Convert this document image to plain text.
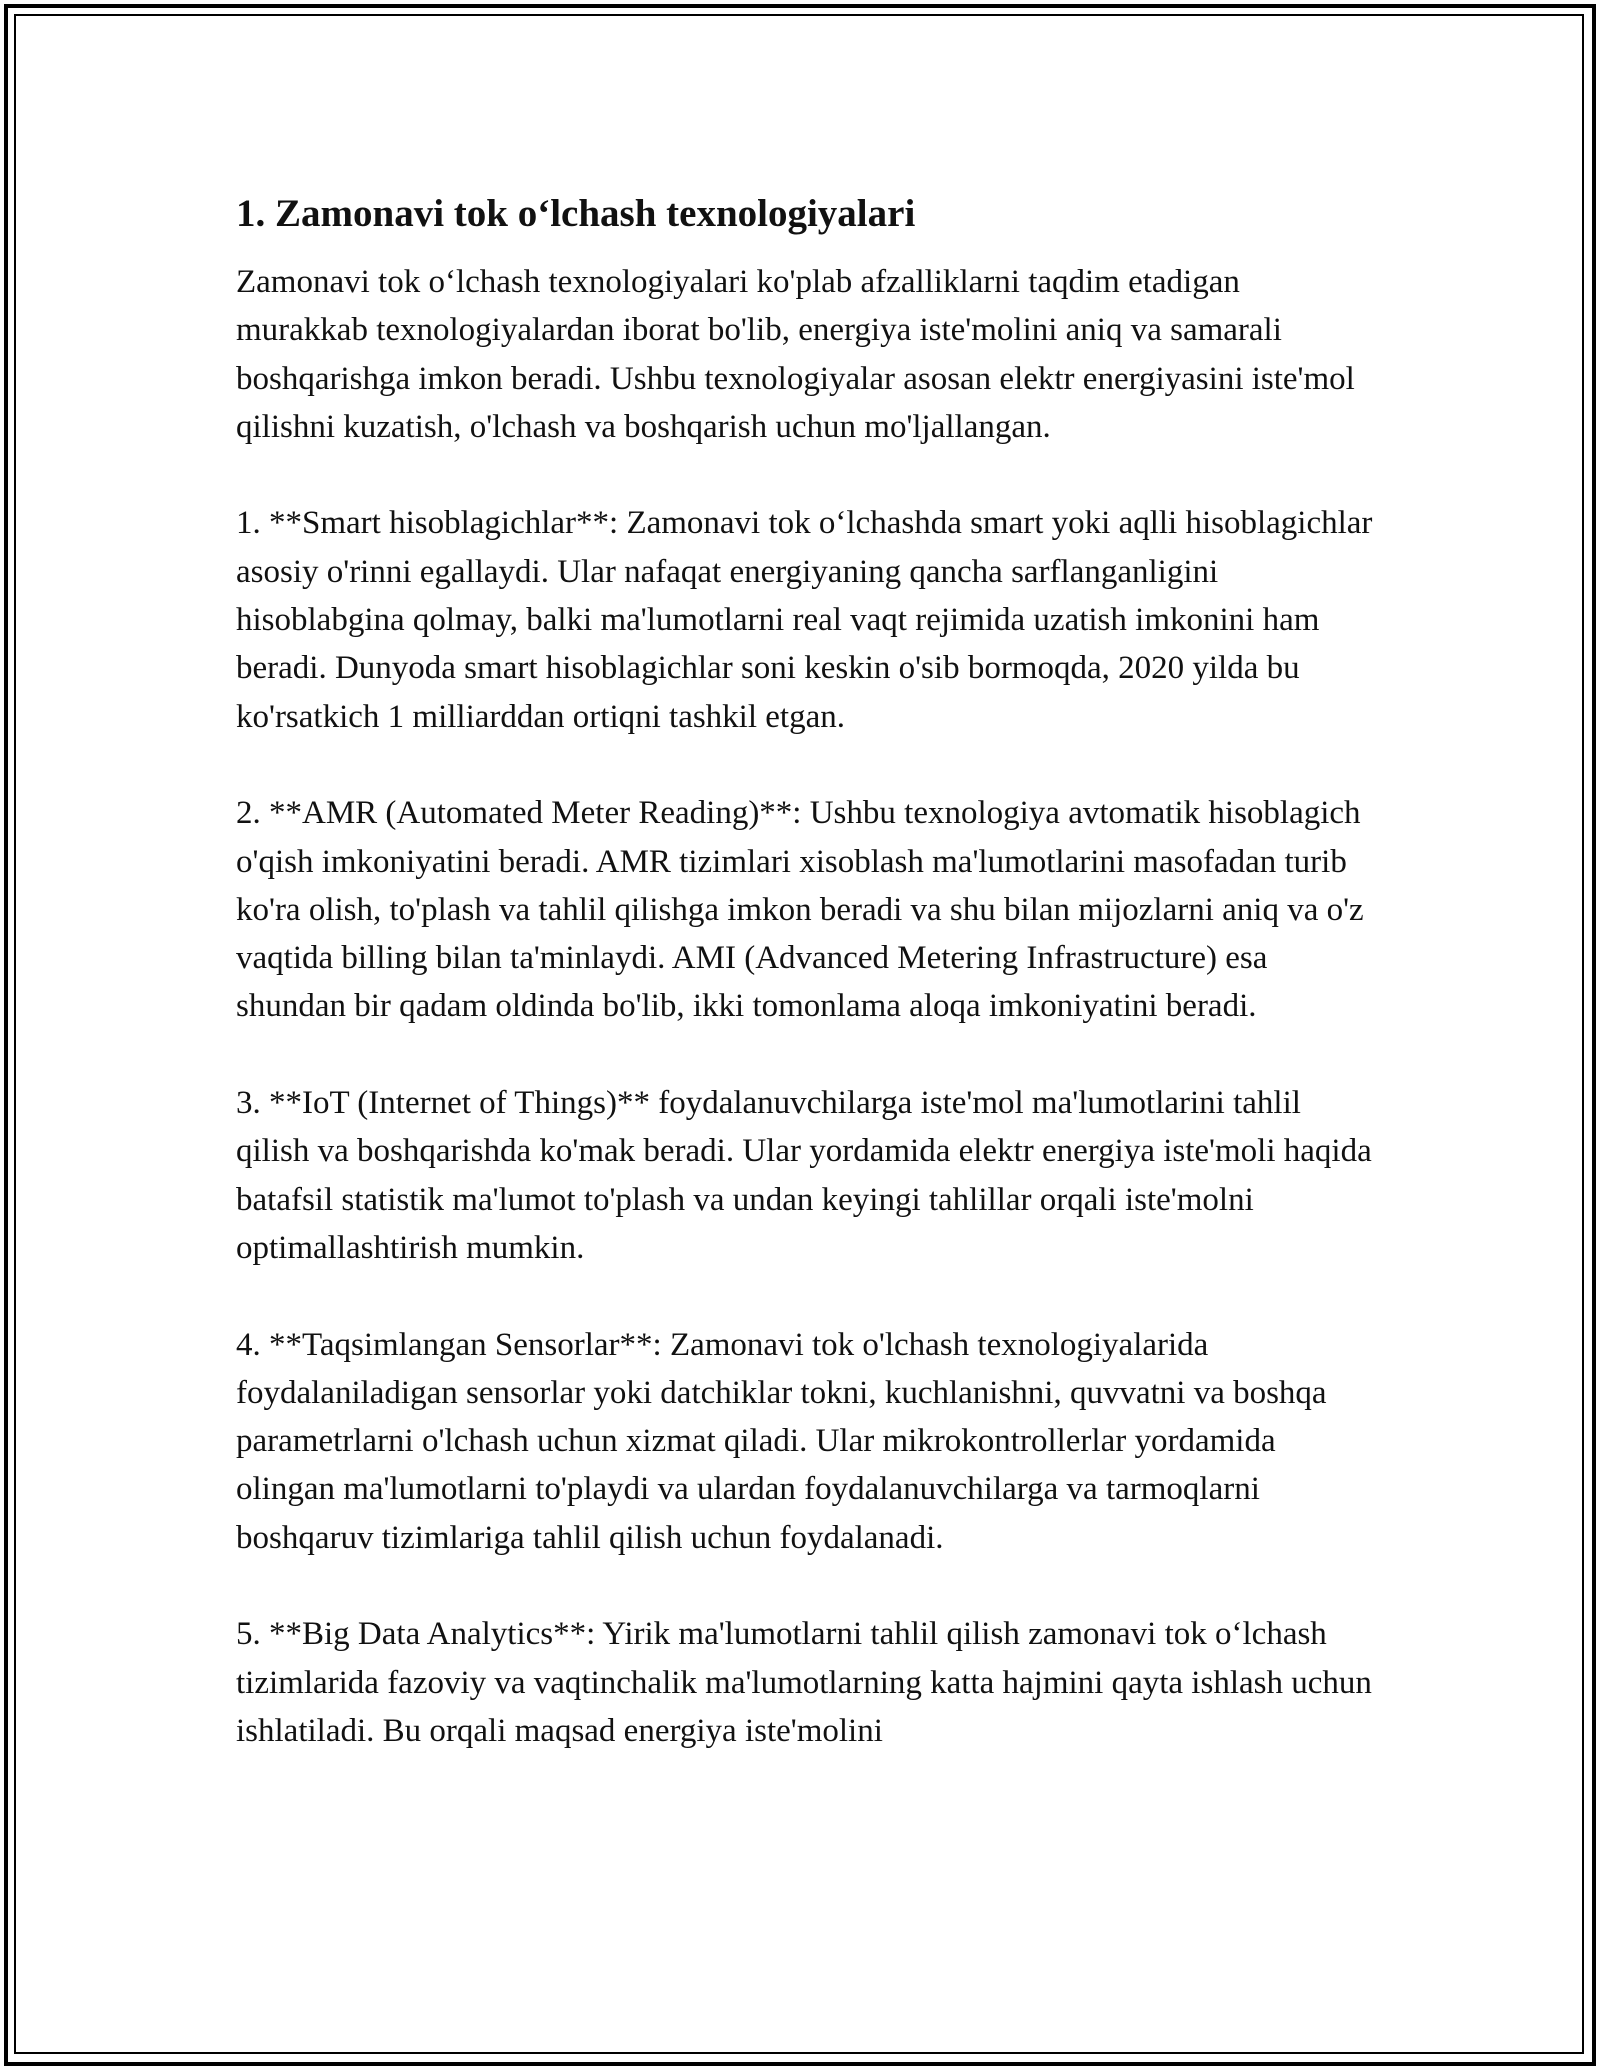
1. Zamonavi tok o‘lchash texnologiyalari

Zamonavi tok o‘lchash texnologiyalari ko'plab afzalliklarni taqdim etadigan murakkab texnologiyalardan iborat bo'lib, energiya iste'molini aniq va samarali boshqarishga imkon beradi. Ushbu texnologiyalar asosan elektr energiyasini iste'mol qilishni kuzatish, o'lchash va boshqarish uchun mo'ljallangan.

1. **Smart hisoblagichlar**: Zamonavi tok o‘lchashda smart yoki aqlli hisoblagichlar asosiy o'rinni egallaydi. Ular nafaqat energiyaning qancha sarflanganligini hisoblabgina qolmay, balki ma'lumotlarni real vaqt rejimida uzatish imkonini ham beradi. Dunyoda smart hisoblagichlar soni keskin o'sib bormoqda, 2020 yilda bu ko'rsatkich 1 milliarddan ortiqni tashkil etgan.

2. **AMR (Automated Meter Reading)**: Ushbu texnologiya avtomatik hisoblagich o'qish imkoniyatini beradi. AMR tizimlari xisoblash ma'lumotlarini masofadan turib ko'ra olish, to'plash va tahlil qilishga imkon beradi va shu bilan mijozlarni aniq va o'z vaqtida billing bilan ta'minlaydi. AMI (Advanced Metering Infrastructure) esa shundan bir qadam oldinda bo'lib, ikki tomonlama aloqa imkoniyatini beradi.

3. **IoT (Internet of Things)** foydalanuvchilarga iste'mol ma'lumotlarini tahlil qilish va boshqarishda ko'mak beradi. Ular yordamida elektr energiya iste'moli haqida batafsil statistik ma'lumot to'plash va undan keyingi tahlillar orqali iste'molni optimallashtirish mumkin.

4. **Taqsimlangan Sensorlar**: Zamonavi tok o'lchash texnologiyalarida foydalaniladigan sensorlar yoki datchiklar tokni, kuchlanishni, quvvatni va boshqa parametrlarni o'lchash uchun xizmat qiladi. Ular mikrokontrollerlar yordamida olingan ma'lumotlarni to'playdi va ulardan foydalanuvchilarga va tarmoqlarni boshqaruv tizimlariga tahlil qilish uchun foydalanadi.

5. **Big Data Analytics**: Yirik ma'lumotlarni tahlil qilish zamonavi tok o‘lchash tizimlarida fazoviy va vaqtinchalik ma'lumotlarning katta hajmini qayta ishlash uchun ishlatiladi. Bu orqali maqsad energiya iste'molini
